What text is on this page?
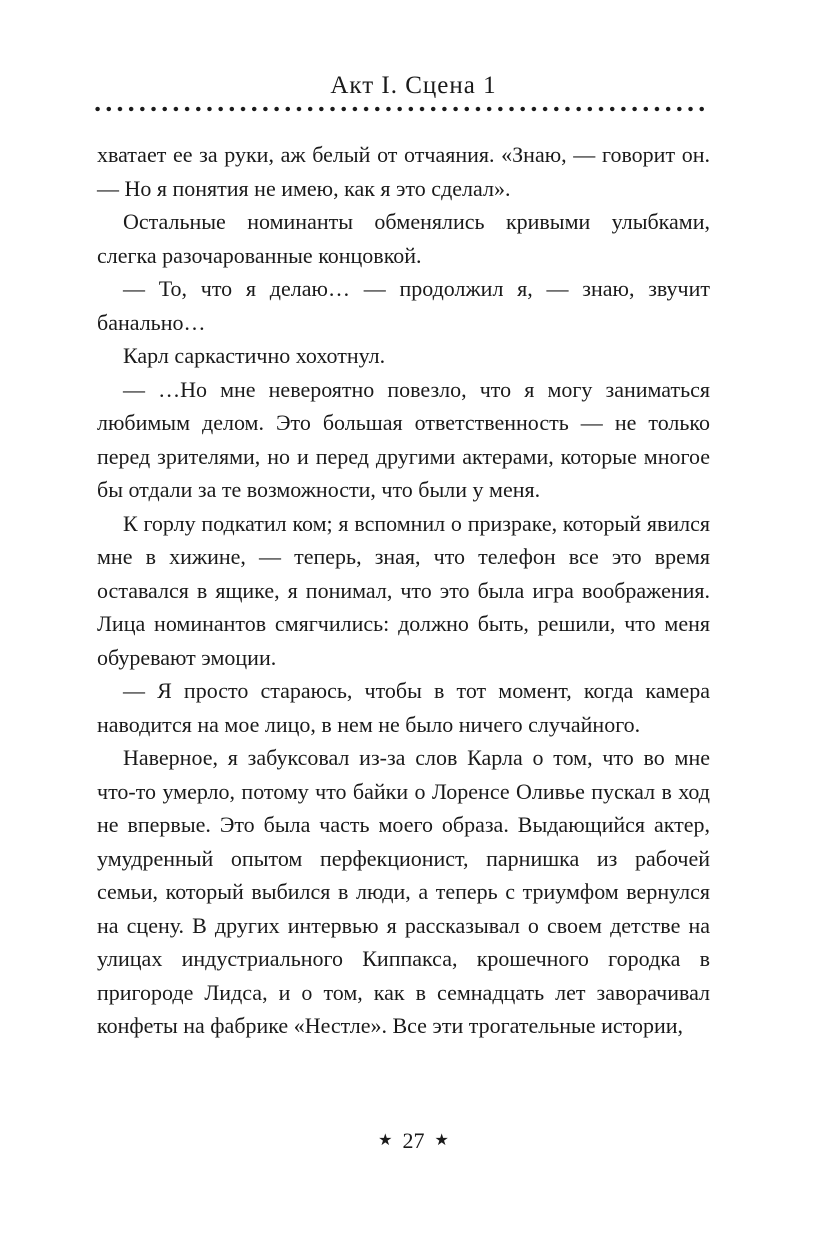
Акт I. Сцена 1

хватает ее за руки, аж белый от отчаяния. «Знаю, — говорит он. — Но я понятия не имею, как я это сделал».

Остальные номинанты обменялись кривыми улыбками, слегка разочарованные концовкой.

— То, что я делаю… — продолжил я, — знаю, звучит банально…

Карл саркастично хохотнул.

— …Но мне невероятно повезло, что я могу заниматься любимым делом. Это большая ответственность — не только перед зрителями, но и перед другими актерами, которые многое бы отдали за те возможности, что были у меня.

К горлу подкатил ком; я вспомнил о призраке, который явился мне в хижине, — теперь, зная, что телефон все это время оставался в ящике, я понимал, что это была игра воображения. Лица номинантов смягчились: должно быть, решили, что меня обуревают эмоции.

— Я просто стараюсь, чтобы в тот момент, когда камера наводится на мое лицо, в нем не было ничего случайного.

Наверное, я забуксовал из-за слов Карла о том, что во мне что-то умерло, потому что байки о Лоренсе Оливье пускал в ход не впервые. Это была часть моего образа. Выдающийся актер, умудренный опытом перфекционист, парнишка из рабочей семьи, который выбился в люди, а теперь с триумфом вернулся на сцену. В других интервью я рассказывал о своем детстве на улицах индустриального Киппакса, крошечного городка в пригороде Лидса, и о том, как в семнадцать лет заворачивал конфеты на фабрике «Нестле». Все эти трогательные истории,

★ 27 ★
